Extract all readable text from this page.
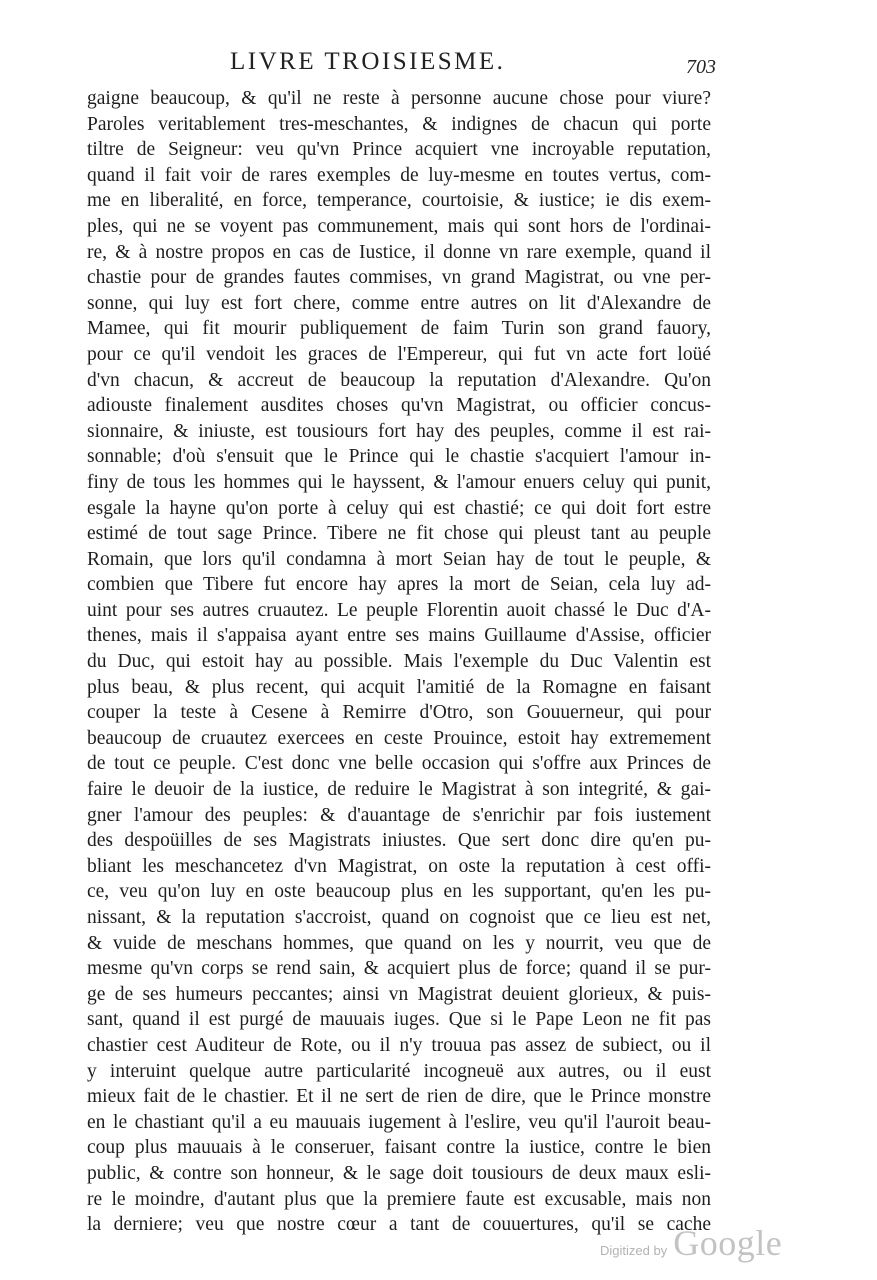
LIVRE TROISIESME.	703
gaigne beaucoup, & qu'il ne reste à personne aucune chose pour viure?
Paroles veritablement tres-meschantes, & indignes de chacun qui porte
tiltre de Seigneur: veu qu'vn Prince acquiert vne incroyable reputation,
quand il fait voir de rares exemples de luy-mesme en toutes vertus, com-
me en liberalité, en force, temperance, courtoisie, & iustice; ie dis exem-
ples, qui ne se voyent pas communement, mais qui sont hors de l'ordinai-
re, & à nostre propos en cas de Iustice, il donne vn rare exemple, quand il
chastie pour de grandes fautes commises, vn grand Magistrat, ou vne per-
sonne, qui luy est fort chere, comme entre autres on lit d'Alexandre de
Mamee, qui fit mourir publiquement de faim Turin son grand fauory,
pour ce qu'il vendoit les graces de l'Empereur, qui fut vn acte fort loüé
d'vn chacun, & accreut de beaucoup la reputation d'Alexandre. Qu'on
adiouste finalement ausdites choses qu'vn Magistrat, ou officier concus-
sionnaire, & iniuste, est tousiours fort hay des peuples, comme il est rai-
sonnable; d'où s'ensuit que le Prince qui le chastie s'acquiert l'amour in-
finy de tous les hommes qui le hayssent, & l'amour enuers celuy qui punit,
esgale la hayne qu'on porte à celuy qui est chastié; ce qui doit fort estre
estimé de tout sage Prince. Tibere ne fit chose qui pleust tant au peuple
Romain, que lors qu'il condamna à mort Seian hay de tout le peuple, &
combien que Tibere fut encore hay apres la mort de Seian, cela luy ad-
uint pour ses autres cruautez. Le peuple Florentin auoit chassé le Duc d'A-
thenes, mais il s'appaisa ayant entre ses mains Guillaume d'Assise, officier
du Duc, qui estoit hay au possible. Mais l'exemple du Duc Valentin est
plus beau, & plus recent, qui acquit l'amitié de la Romagne en faisant
couper la teste à Cesene à Remirre d'Otro, son Gouuerneur, qui pour
beaucoup de cruautez exercees en ceste Prouince, estoit hay extremement
de tout ce peuple. C'est donc vne belle occasion qui s'offre aux Princes de
faire le deuoir de la iustice, de reduire le Magistrat à son integrité, & gai-
gner l'amour des peuples: & d'auantage de s'enrichir par fois iustement
des despoüilles de ses Magistrats iniustes. Que sert donc dire qu'en pu-
bliant les meschancetez d'vn Magistrat, on oste la reputation à cest offi-
ce, veu qu'on luy en oste beaucoup plus en les supportant, qu'en les pu-
nissant, & la reputation s'accroist, quand on cognoist que ce lieu est net,
& vuide de meschans hommes, que quand on les y nourrit, veu que de
mesme qu'vn corps se rend sain, & acquiert plus de force; quand il se pur-
ge de ses humeurs peccantes; ainsi vn Magistrat deuient glorieux, & puis-
sant, quand il est purgé de mauuais iuges. Que si le Pape Leon ne fit pas
chastier cest Auditeur de Rote, ou il n'y trouua pas assez de subiect, ou il
y interuint quelque autre particularité incogneuë aux autres, ou il eust
mieux fait de le chastier. Et il ne sert de rien de dire, que le Prince monstre
en le chastiant qu'il a eu mauuais iugement à l'eslire, veu qu'il l'auroit beau-
coup plus mauuais à le conseruer, faisant contre la iustice, contre le bien
public, & contre son honneur, & le sage doit tousiours de deux maux esli-
re le moindre, d'autant plus que la premiere faute est excusable, mais non
la derniere; veu que nostre cœur a tant de couuertures, qu'il se cache

Digitized by Google
